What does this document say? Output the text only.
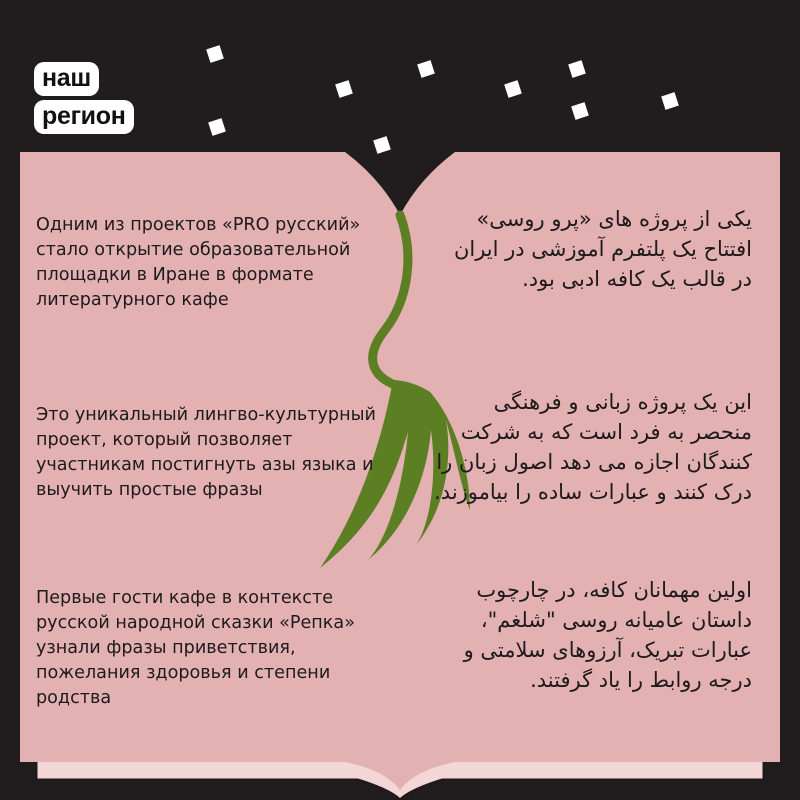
наш
регион

Одним из проектов «PRO русский» стало открытие образовательной площадки в Иране в формате литературного кафе

Это уникальный лингво-культурный проект, который позволяет участникам постигнуть азы языка и выучить простые фразы

Первые гости кафе в контексте русской народной сказки «Репка» узнали фразы приветствия, пожелания здоровья и степени родства

یکی از پروژه های «پرو روسی» افتتاح یک پلتفرم آموزشی در ایران در قالب یک کافه ادبی بود.

این یک پروژه زبانی و فرهنگی منحصر به فرد است که به شرکت کنندگان اجازه می دهد اصول زبان را درک کنند و عبارات ساده را بیاموزند.

اولین مهمانان کافه، در چارچوب داستان عامیانه روسی "شلغم"، عبارات تبریک، آرزوهای سلامتی و درجه روابط را یاد گرفتند.
